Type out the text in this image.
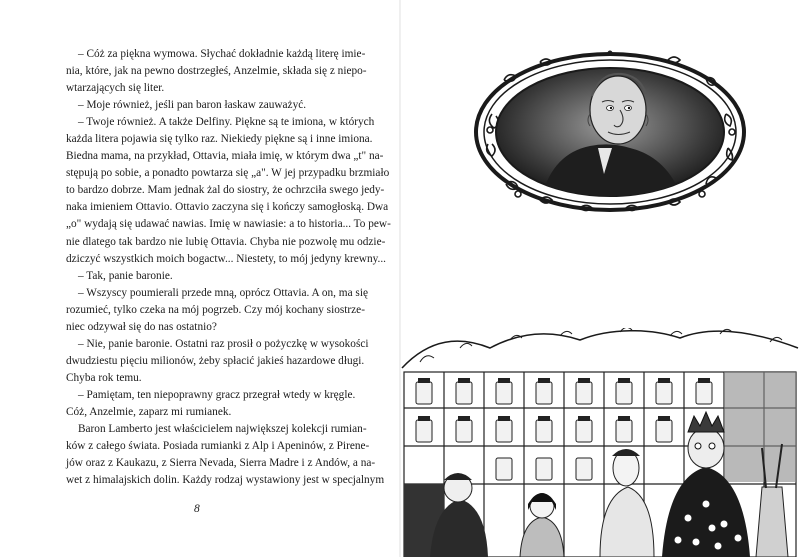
– Cóż za piękna wymowa. Słychać dokładnie każdą literę imie-

nia, które, jak na pewno dostrzegłeś, Anzelmie, składa się z niepo-

wtarzających się liter.

– Moje również, jeśli pan baron łaskaw zauważyć.

– Twoje również. A także Delfiny. Piękne są te imiona, w których

każda litera pojawia się tylko raz. Niekiedy piękne są i inne imiona.

Biedna mama, na przykład, Ottavia, miała imię, w którym dwa „t" na-

stępują po sobie, a ponadto powtarza się „a". W jej przypadku brzmiało

to bardzo dobrze. Mam jednak żal do siostry, że ochrzciła swego jedy-

naka imieniem Ottavio. Ottavio zaczyna się i kończy samogłoską. Dwa

„o" wydają się udawać nawias. Imię w nawiasie: a to historia... To pew-

nie dlatego tak bardzo nie lubię Ottavia. Chyba nie pozwolę mu odzie-

dziczyć wszystkich moich bogactw... Niestety, to mój jedyny krewny...

– Tak, panie baronie.

– Wszyscy poumierali przede mną, oprócz Ottavia. A on, ma się

rozumieć, tylko czeka na mój pogrzeb. Czy mój kochany siostrze-

niec odzywał się do nas ostatnio?

– Nie, panie baronie. Ostatni raz prosił o pożyczkę w wysokości

dwudziestu pięciu milionów, żeby spłacić jakieś hazardowe długi.

Chyba rok temu.

– Pamiętam, ten niepoprawny gracz przegrał wtedy w kręgle.

Cóż, Anzelmie, zaparz mi rumianek.

Baron Lamberto jest właścicielem największej kolekcji rumian-

ków z całego świata. Posiada rumianki z Alp i Apeninów, z Pirene-

jów oraz z Kaukazu, z Sierra Nevada, Sierra Madre i z Andów, a na-

wet z himalajskich dolin. Każdy rodzaj wystawiony jest w specjalnym

8
